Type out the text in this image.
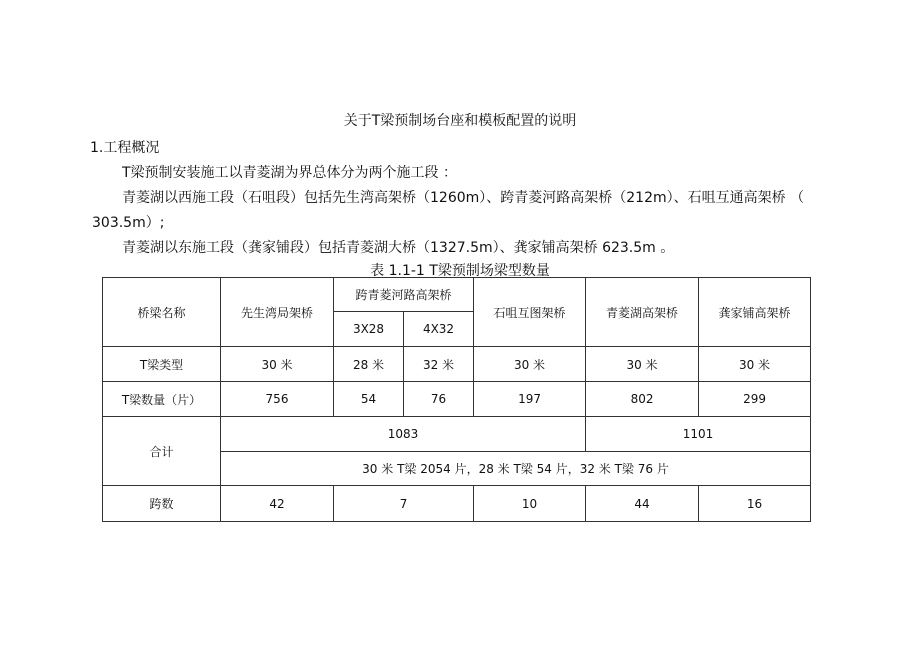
关于T梁预制场台座和模板配置的说明
1.工程概况
T梁预制安装施工以青菱湖为界总体分为两个施工段 ：
青菱湖以西施工段（石咀段）包括先生湾高架桥（1260m）、跨青菱河路高架桥（212m）、石咀互通高架桥 （
303.5m）;
青菱湖以东施工段（龚家铺段）包括青菱湖大桥（1327.5m）、龚家铺高架桥 623.5m 。
表 1.1-1 T梁预制场梁型数量
桥梁名称	先生湾局架桥	跨青菱河路高架桥		石咀互图架桥	青菱湖高架桥	龚家铺高架桥
		3X28	4X32			
T梁类型	30 米	28 米	32 米	30 米	30 米	30 米
T梁数量（片）	756	54	76	197	802	299
合计	1083				1101	
	30 米 T梁 2054 片，28 米 T梁 54 片，32 米 T梁 76 片					
跨数	42	7		10	44	16
